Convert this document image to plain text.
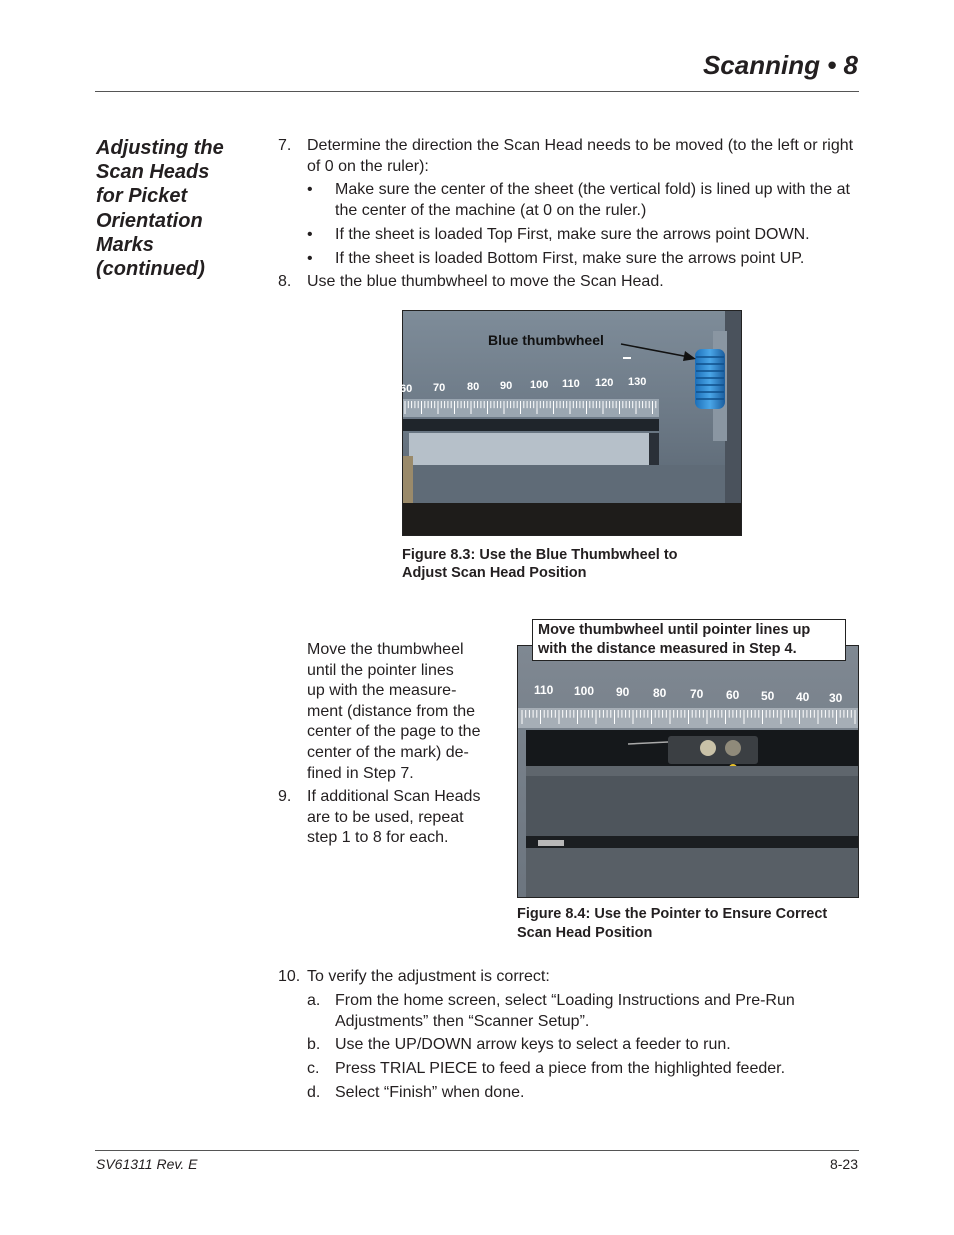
Scanning • 8
Adjusting the
Scan Heads
for Picket
Orientation
Marks
(continued)
7. Determine the direction the Scan Head needs to be moved (to the left or right of 0 on the ruler):
• Make sure the center of the sheet (the vertical fold) is lined up with the at the center of the machine (at 0 on the ruler.)
• If the sheet is loaded Top First, make sure the arrows point DOWN.
• If the sheet is loaded Bottom First, make sure the arrows point UP.
8. Use the blue thumbwheel to move the Scan Head.
60 70 80 90 100 110 120 130
Blue thumbwheel
Figure 8.3: Use the Blue Thumbwheel to
Adjust Scan Head Position
Move the thumbwheel
until the pointer lines
up with the measure-
ment (distance from the
center of the page to the
center of the mark) de-
fined in Step 7.
9. If additional Scan Heads
are to be used, repeat
step 1 to 8 for each.
110 100 90 80 70 60 50 40 30
Move thumbwheel until pointer lines up
with the distance measured in Step 4.
Figure 8.4: Use the Pointer to Ensure Correct
Scan Head Position
10. To verify the adjustment is correct:
a. From the home screen, select “Loading Instructions and Pre-Run Adjustments” then “Scanner Setup”.
b. Use the UP/DOWN arrow keys to select a feeder to run.
c. Press TRIAL PIECE to feed a piece from the highlighted feeder.
d. Select “Finish” when done.
SV61311 Rev. E	8-23
